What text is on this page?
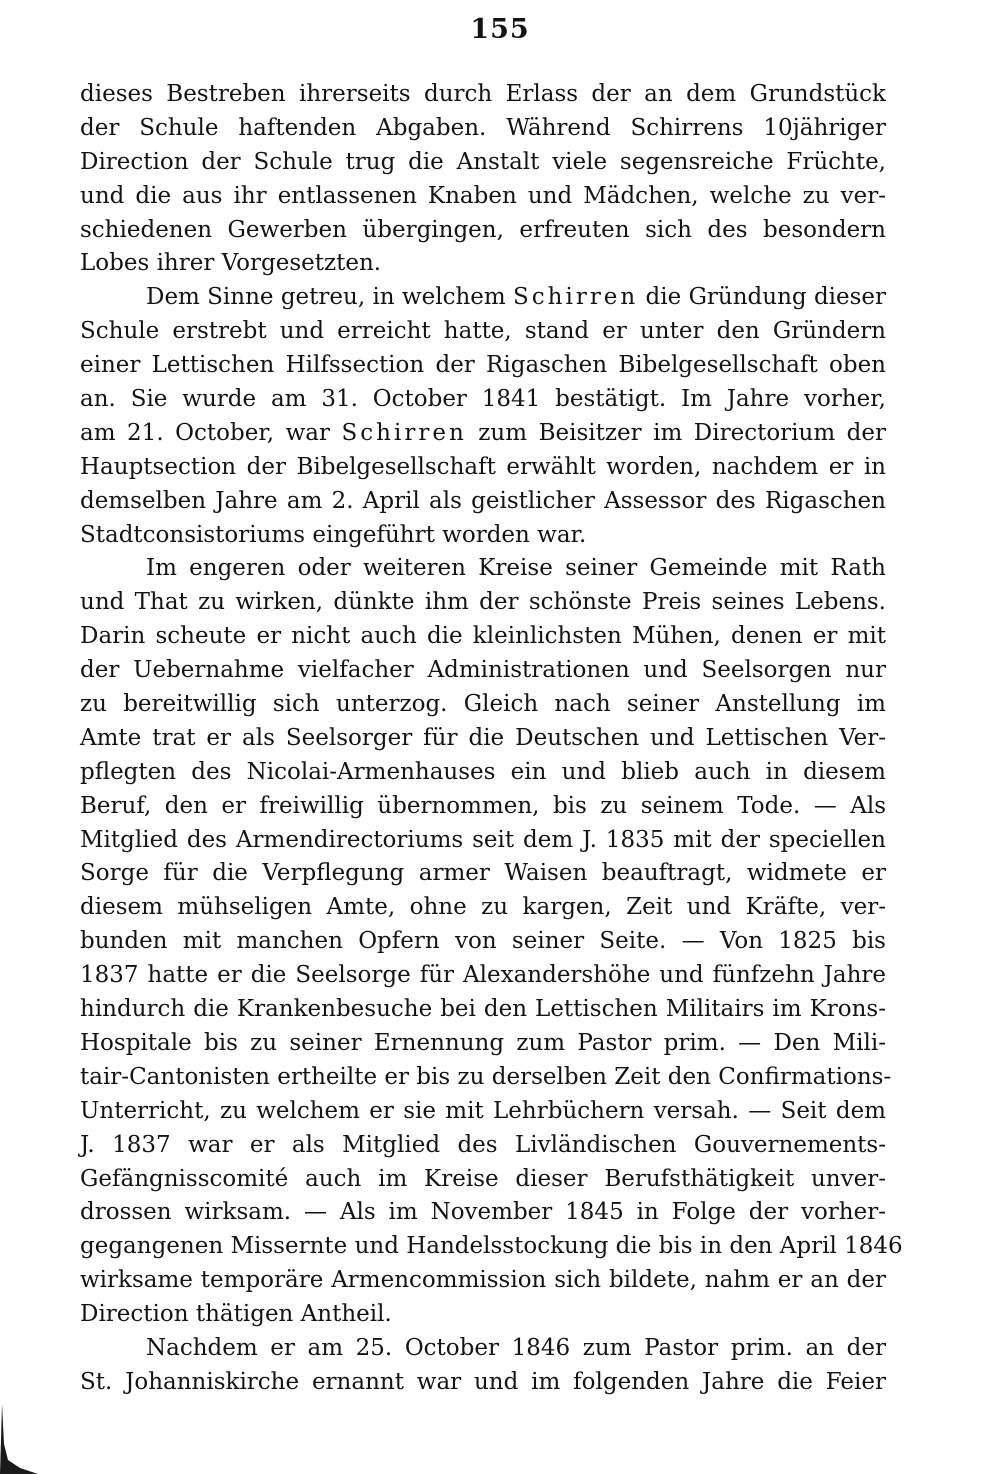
155
dieses Bestreben ihrerseits durch Erlass der an dem Grundstück
der Schule haftenden Abgaben. Während Schirrens 10jähriger
Direction der Schule trug die Anstalt viele segensreiche Früchte,
und die aus ihr entlassenen Knaben und Mädchen, welche zu ver-
schiedenen Gewerben übergingen, erfreuten sich des besondern
Lobes ihrer Vorgesetzten.
Dem Sinne getreu, in welchem Schirren die Gründung dieser
Schule erstrebt und erreicht hatte, stand er unter den Gründern
einer Lettischen Hilfssection der Rigaschen Bibelgesellschaft oben
an. Sie wurde am 31. October 1841 bestätigt. Im Jahre vorher,
am 21. October, war Schirren zum Beisitzer im Directorium der
Hauptsection der Bibelgesellschaft erwählt worden, nachdem er in
demselben Jahre am 2. April als geistlicher Assessor des Rigaschen
Stadtconsistoriums eingeführt worden war.
Im engeren oder weiteren Kreise seiner Gemeinde mit Rath
und That zu wirken, dünkte ihm der schönste Preis seines Lebens.
Darin scheute er nicht auch die kleinlichsten Mühen, denen er mit
der Uebernahme vielfacher Administrationen und Seelsorgen nur
zu bereitwillig sich unterzog. Gleich nach seiner Anstellung im
Amte trat er als Seelsorger für die Deutschen und Lettischen Ver-
pflegten des Nicolai-Armenhauses ein und blieb auch in diesem
Beruf, den er freiwillig übernommen, bis zu seinem Tode. — Als
Mitglied des Armendirectoriums seit dem J. 1835 mit der speciellen
Sorge für die Verpflegung armer Waisen beauftragt, widmete er
diesem mühseligen Amte, ohne zu kargen, Zeit und Kräfte, ver-
bunden mit manchen Opfern von seiner Seite. — Von 1825 bis
1837 hatte er die Seelsorge für Alexandershöhe und fünfzehn Jahre
hindurch die Krankenbesuche bei den Lettischen Militairs im Krons-
Hospitale bis zu seiner Ernennung zum Pastor prim. — Den Mili-
tair-Cantonisten ertheilte er bis zu derselben Zeit den Confirmations-
Unterricht, zu welchem er sie mit Lehrbüchern versah. — Seit dem
J. 1837 war er als Mitglied des Livländischen Gouvernements-
Gefängnisscomité auch im Kreise dieser Berufsthätigkeit unver-
drossen wirksam. — Als im November 1845 in Folge der vorher-
gegangenen Missernte und Handelsstockung die bis in den April 1846
wirksame temporäre Armencommission sich bildete, nahm er an der
Direction thätigen Antheil.
Nachdem er am 25. October 1846 zum Pastor prim. an der
St. Johanniskirche ernannt war und im folgenden Jahre die Feier
